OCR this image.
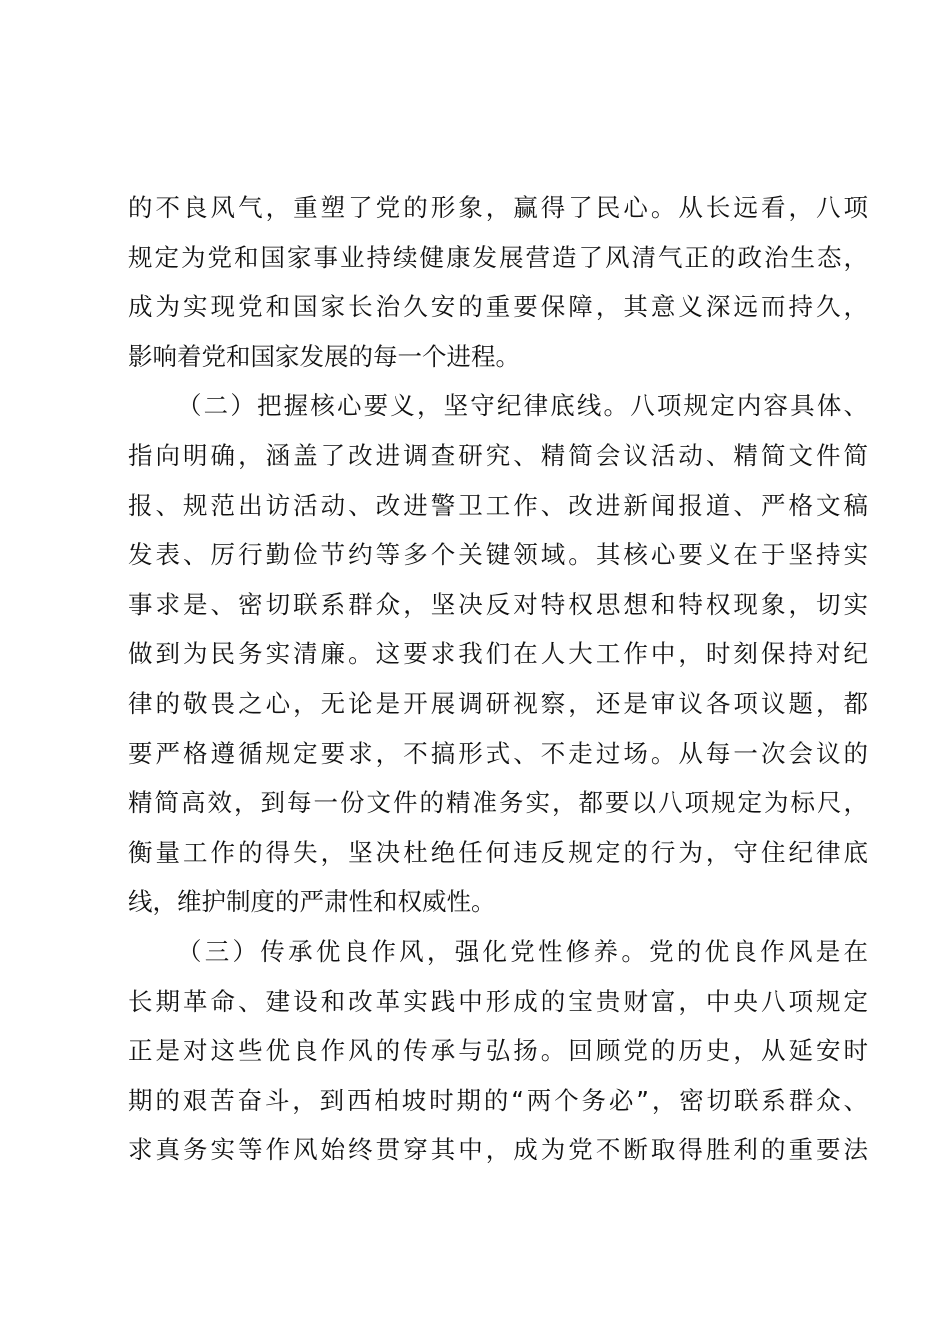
的不良风气，重塑了党的形象，赢得了民心。从长远看，八项
规定为党和国家事业持续健康发展营造了风清气正的政治生态，
成为实现党和国家长治久安的重要保障，其意义深远而持久，
影响着党和国家发展的每一个进程。
（二）把握核心要义，坚守纪律底线。八项规定内容具体、
指向明确，涵盖了改进调查研究、精简会议活动、精简文件简
报、规范出访活动、改进警卫工作、改进新闻报道、严格文稿
发表、厉行勤俭节约等多个关键领域。其核心要义在于坚持实
事求是、密切联系群众，坚决反对特权思想和特权现象，切实
做到为民务实清廉。这要求我们在人大工作中，时刻保持对纪
律的敬畏之心，无论是开展调研视察，还是审议各项议题，都
要严格遵循规定要求，不搞形式、不走过场。从每一次会议的
精简高效，到每一份文件的精准务实，都要以八项规定为标尺，
衡量工作的得失，坚决杜绝任何违反规定的行为，守住纪律底
线，维护制度的严肃性和权威性。
（三）传承优良作风，强化党性修养。党的优良作风是在
长期革命、建设和改革实践中形成的宝贵财富，中央八项规定
正是对这些优良作风的传承与弘扬。回顾党的历史，从延安时
期的艰苦奋斗，到西柏坡时期的“两个务必”，密切联系群众、
求真务实等作风始终贯穿其中，成为党不断取得胜利的重要法
